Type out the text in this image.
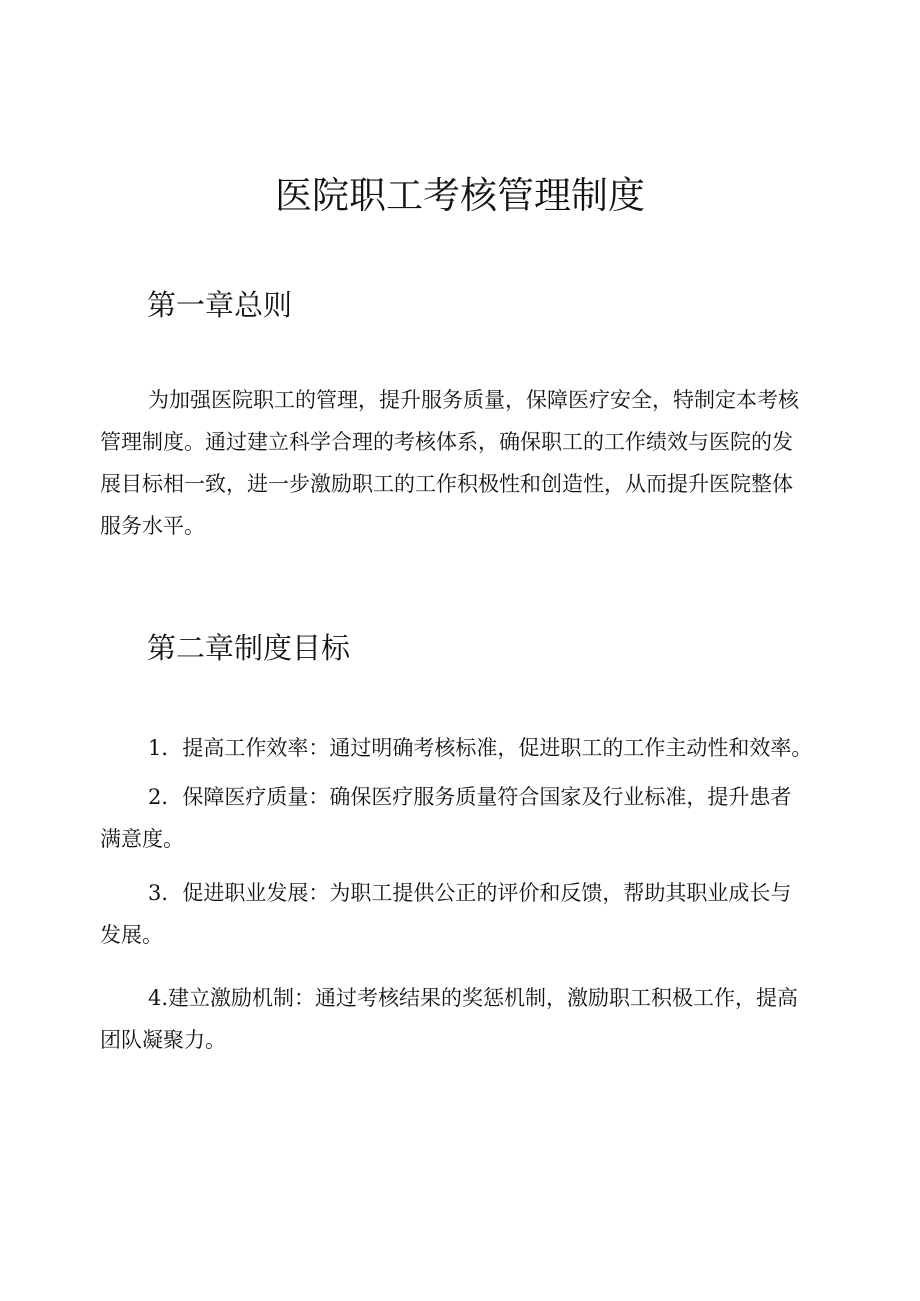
医院职工考核管理制度
第一章总则
为加强医院职工的管理，提升服务质量，保障医疗安全，特制定本考核
管理制度。通过建立科学合理的考核体系，确保职工的工作绩效与医院的发
展目标相一致，进一步激励职工的工作积极性和创造性，从而提升医院整体
服务水平。
第二章制度目标
1．提高工作效率：通过明确考核标准，促进职工的工作主动性和效率。
2．保障医疗质量：确保医疗服务质量符合国家及行业标准，提升患者
满意度。
3．促进职业发展：为职工提供公正的评价和反馈，帮助其职业成长与
发展。
4.建立激励机制：通过考核结果的奖惩机制，激励职工积极工作，提高
团队凝聚力。
